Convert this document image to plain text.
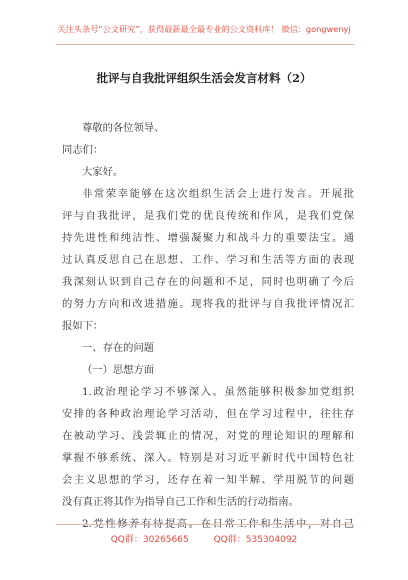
关注头条号“公文研究”，获得最新最全最专业的公文资料库！ 微信：gongwenyj
批评与自我批评组织生活会发言材料（2）
尊敬的各位领导、
同志们：
大家好。
非常荣幸能够在这次组织生活会上进行发言。开展批
评与自我批评，是我们党的优良传统和作风，是我们党保
持先进性和纯洁性、增强凝聚力和战斗力的重要法宝。通
过认真反思自己在思想、工作、学习和生活等方面的表现
我深刻认识到自己存在的问题和不足，同时也明确了今后
的努力方向和改进措施。现将我的批评与自我批评情况汇
报如下：
一、存在的问题
（一）思想方面
1.政治理论学习不够深入。虽然能够积极参加党组织
安排的各种政治理论学习活动，但在学习过程中，往往存
在被动学习、浅尝辄止的情况，对党的理论知识的理解和
掌握不够系统、深入。特别是对习近平新时代中国特色社
会主义思想的学习，还存在着一知半解、学用脱节的问题
没有真正将其作为指导自己工作和生活的行动指南。
2.党性修养有待提高。在日常工作和生活中，对自己
QQ群：30265665	QQ群：535304092
